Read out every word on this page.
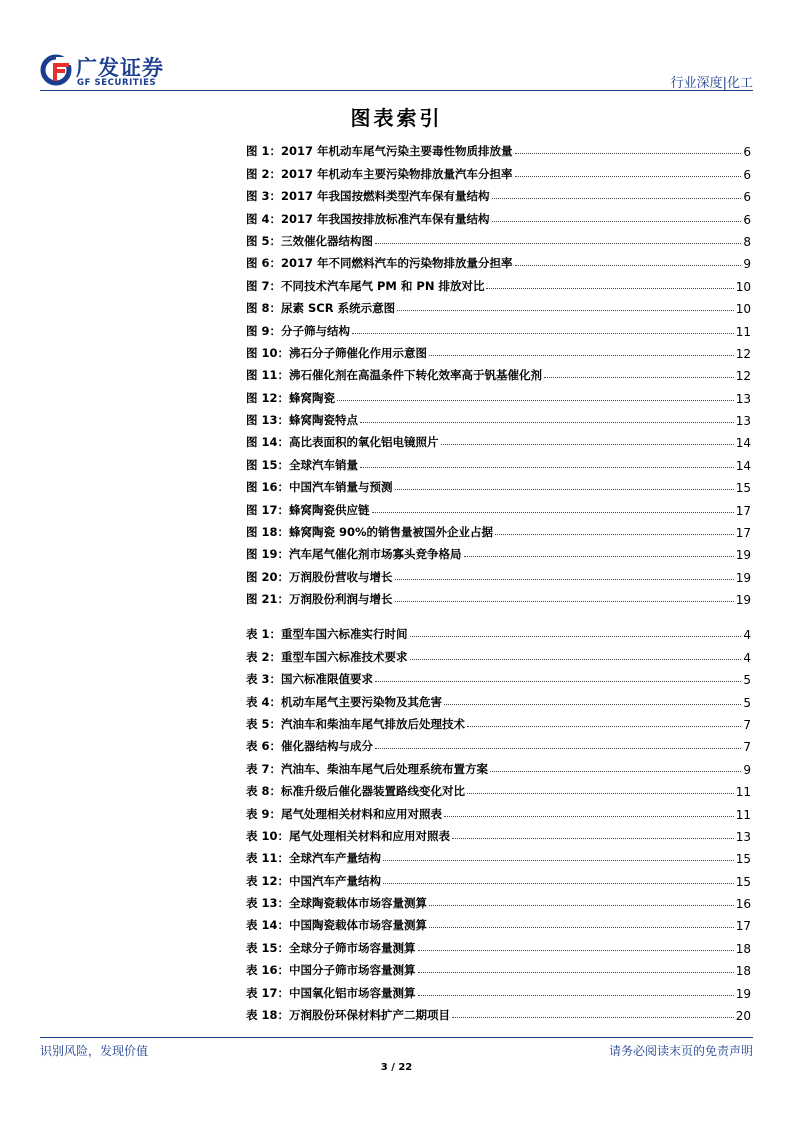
广发证券
GF SECURITIES	行业深度|化工
图表索引
图 1：2017 年机动车尾气污染主要毒性物质排放量	6
图 2：2017 年机动车主要污染物排放量汽车分担率	6
图 3：2017 年我国按燃料类型汽车保有量结构	6
图 4：2017 年我国按排放标准汽车保有量结构	6
图 5：三效催化器结构图	8
图 6：2017 年不同燃料汽车的污染物排放量分担率	9
图 7：不同技术汽车尾气 PM 和 PN 排放对比	10
图 8：尿素 SCR 系统示意图	10
图 9：分子筛与结构	11
图 10：沸石分子筛催化作用示意图	12
图 11：沸石催化剂在高温条件下转化效率高于钒基催化剂	12
图 12：蜂窝陶瓷	13
图 13：蜂窝陶瓷特点	13
图 14：高比表面积的氧化铝电镜照片	14
图 15：全球汽车销量	14
图 16：中国汽车销量与预测	15
图 17：蜂窝陶瓷供应链	17
图 18：蜂窝陶瓷 90%的销售量被国外企业占据	17
图 19：汽车尾气催化剂市场寡头竞争格局	19
图 20：万润股份营收与增长	19
图 21：万润股份利润与增长	19
表 1：重型车国六标准实行时间	4
表 2：重型车国六标准技术要求	4
表 3：国六标准限值要求	5
表 4：机动车尾气主要污染物及其危害	5
表 5：汽油车和柴油车尾气排放后处理技术	7
表 6：催化器结构与成分	7
表 7：汽油车、柴油车尾气后处理系统布置方案	9
表 8：标准升级后催化器装置路线变化对比	11
表 9：尾气处理相关材料和应用对照表	11
表 10：尾气处理相关材料和应用对照表	13
表 11：全球汽车产量结构	15
表 12：中国汽车产量结构	15
表 13：全球陶瓷载体市场容量测算	16
表 14：中国陶瓷载体市场容量测算	17
表 15：全球分子筛市场容量测算	18
表 16：中国分子筛市场容量测算	18
表 17：中国氧化铝市场容量测算	19
表 18：万润股份环保材料扩产二期项目	20
识别风险，发现价值	请务必阅读末页的免责声明
3 / 22
